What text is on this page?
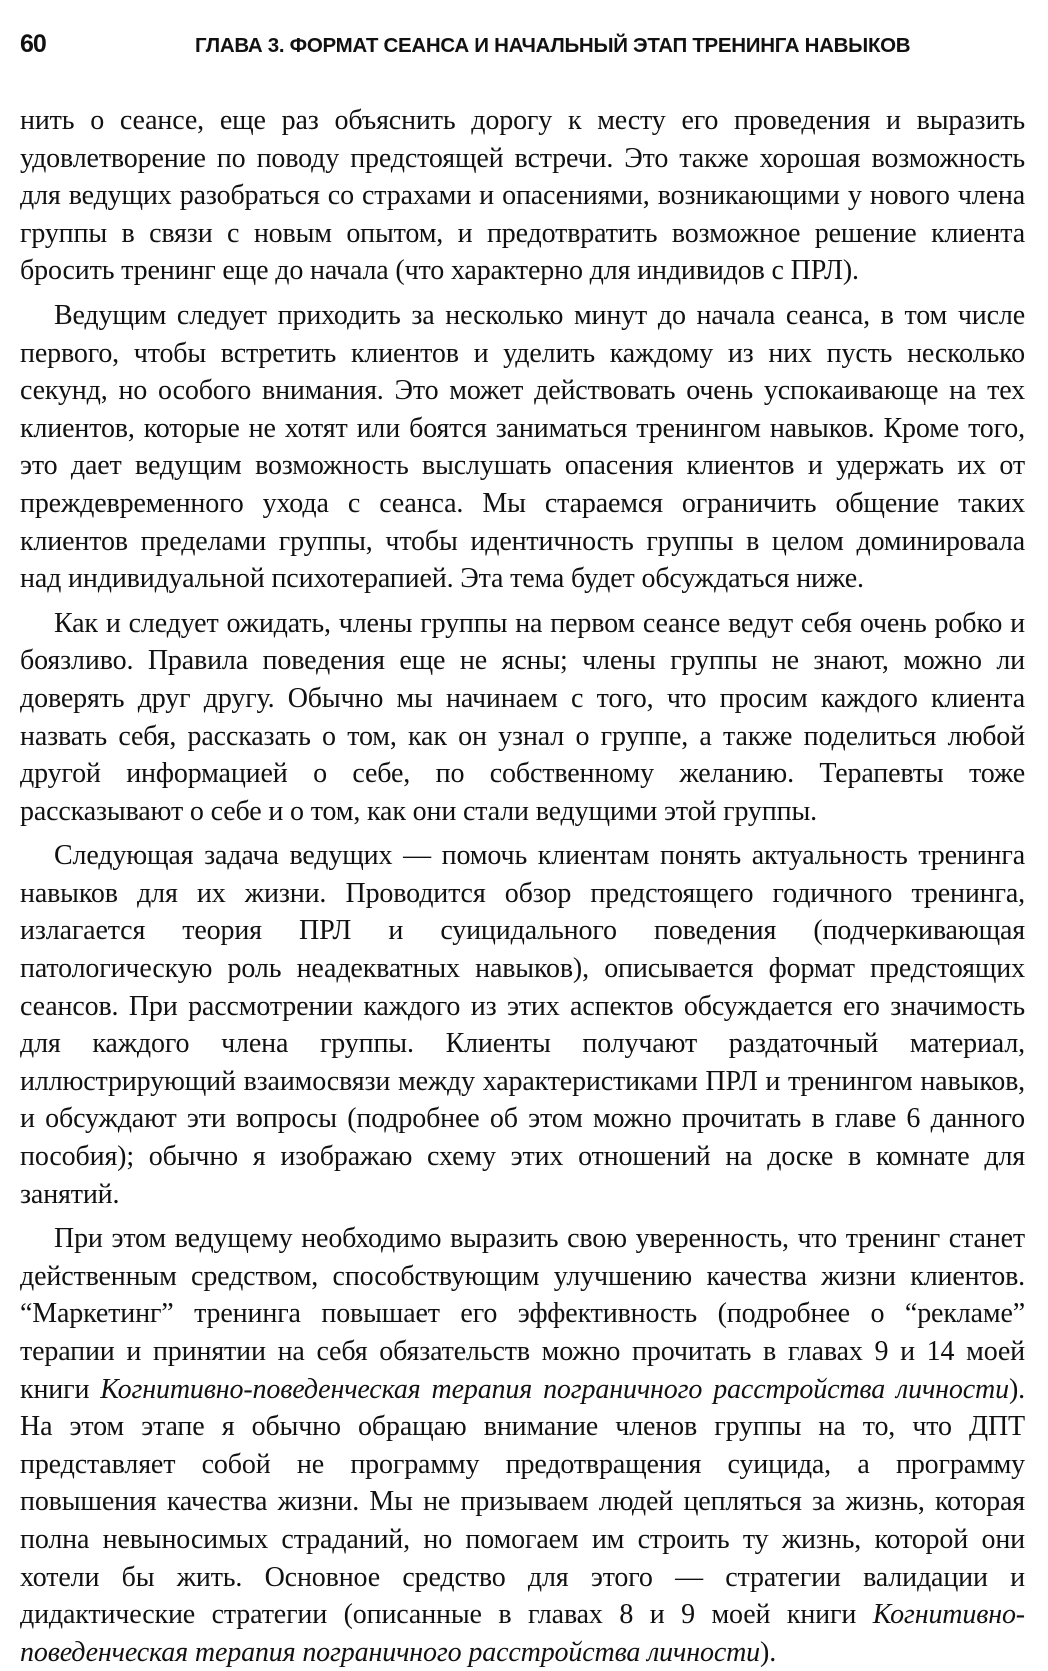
60	ГЛАВА 3. ФОРМАТ СЕАНСА И НАЧАЛЬНЫЙ ЭТАП ТРЕНИНГА НАВЫКОВ

нить о сеансе, еще раз объяснить дорогу к месту его проведения и выразить удовлетворение по поводу предстоящей встречи. Это также хорошая возможность для ведущих разобраться со страхами и опасениями, возникающими у нового члена группы в связи с новым опытом, и предотвратить возможное решение клиента бросить тренинг еще до начала (что характерно для индивидов с ПРЛ).

Ведущим следует приходить за несколько минут до начала сеанса, в том числе первого, чтобы встретить клиентов и уделить каждому из них пусть несколько секунд, но особого внимания. Это может действовать очень успокаивающе на тех клиентов, которые не хотят или боятся заниматься тренингом навыков. Кроме того, это дает ведущим возможность выслушать опасения клиентов и удержать их от преждевременного ухода с сеанса. Мы стараемся ограничить общение таких клиентов пределами группы, чтобы идентичность группы в целом доминировала над индивидуальной психотерапией. Эта тема будет обсуждаться ниже.

Как и следует ожидать, члены группы на первом сеансе ведут себя очень робко и боязливо. Правила поведения еще не ясны; члены группы не знают, можно ли доверять друг другу. Обычно мы начинаем с того, что просим каждого клиента назвать себя, рассказать о том, как он узнал о группе, а также поделиться любой другой информацией о себе, по собственному желанию. Терапевты тоже рассказывают о себе и о том, как они стали ведущими этой группы.

Следующая задача ведущих — помочь клиентам понять актуальность тренинга навыков для их жизни. Проводится обзор предстоящего годичного тренинга, излагается теория ПРЛ и суицидального поведения (подчеркивающая патологическую роль неадекватных навыков), описывается формат предстоящих сеансов. При рассмотрении каждого из этих аспектов обсуждается его значимость для каждого члена группы. Клиенты получают раздаточный материал, иллюстрирующий взаимосвязи между характеристиками ПРЛ и тренингом навыков, и обсуждают эти вопросы (подробнее об этом можно прочитать в главе 6 данного пособия); обычно я изображаю схему этих отношений на доске в комнате для занятий.

При этом ведущему необходимо выразить свою уверенность, что тренинг станет действенным средством, способствующим улучшению качества жизни клиентов. “Маркетинг” тренинга повышает его эффективность (подробнее о “рекламе” терапии и принятии на себя обязательств можно прочитать в главах 9 и 14 моей книги Когнитивно-поведенческая терапия пограничного расстройства личности). На этом этапе я обычно обращаю внимание членов группы на то, что ДПТ представляет собой не программу предотвращения суицида, а программу повышения качества жизни. Мы не призываем людей цепляться за жизнь, которая полна невыносимых страданий, но помогаем им строить ту жизнь, которой они хотели бы жить. Основное средство для этого — стратегии валидации и дидактические стратегии (описанные в главах 8 и 9 моей книги Когнитивно-поведенческая терапия пограничного расстройства личности).
